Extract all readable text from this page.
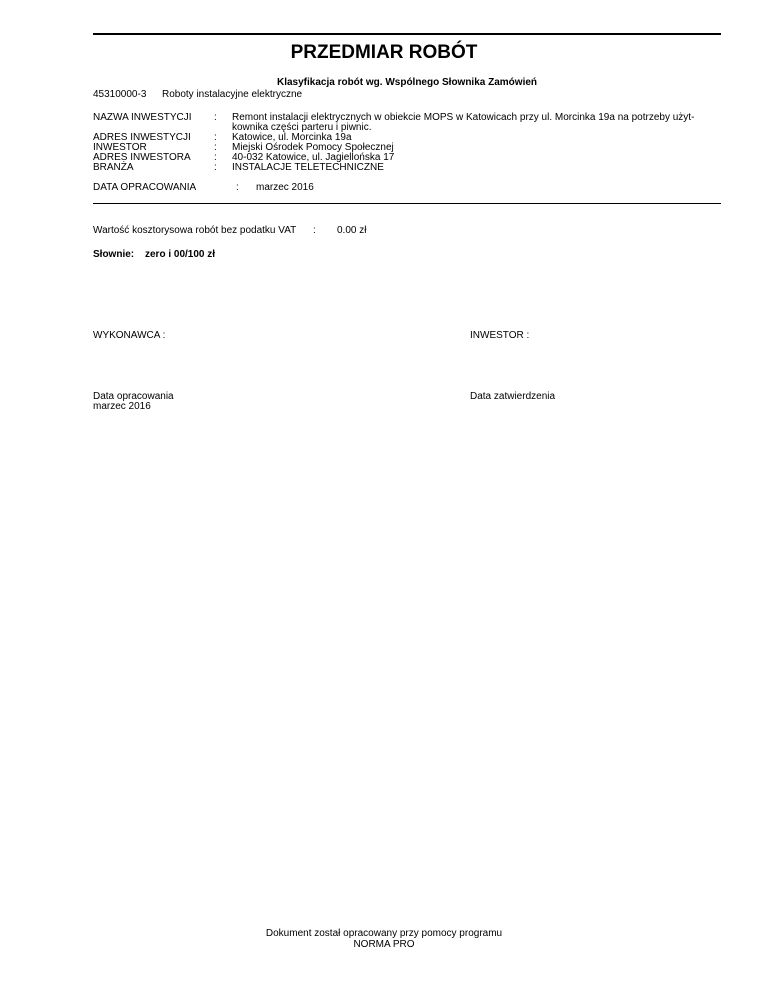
PRZEDMIAR ROBÓT
Klasyfikacja robót wg. Wspólnego Słownika Zamówień
45310000-3 Roboty instalacyjne elektryczne
NAZWA INWESTYCJI : Remont instalacji elektrycznych w obiekcie MOPS w Katowicach przy ul. Morcinka 19a na potrzeby użyt-
kownika części parteru i piwnic.
ADRES INWESTYCJI : Katowice, ul. Morcinka 19a
INWESTOR	: Miejski Ośrodek Pomocy Społecznej
ADRES INWESTORA : 40-032 Katowice, ul. Jagiellońska 17
BRANŻA	: INSTALACJE TELETECHNICZNE
DATA OPRACOWANIA	: marzec 2016
Wartość kosztorysowa robót bez podatku VAT : 0.00 zł
Słownie: zero i 00/100 zł
WYKONAWCA :	INWESTOR :
Data opracowania
marzec 2016
Data zatwierdzenia
Dokument został opracowany przy pomocy programu
NORMA PRO
